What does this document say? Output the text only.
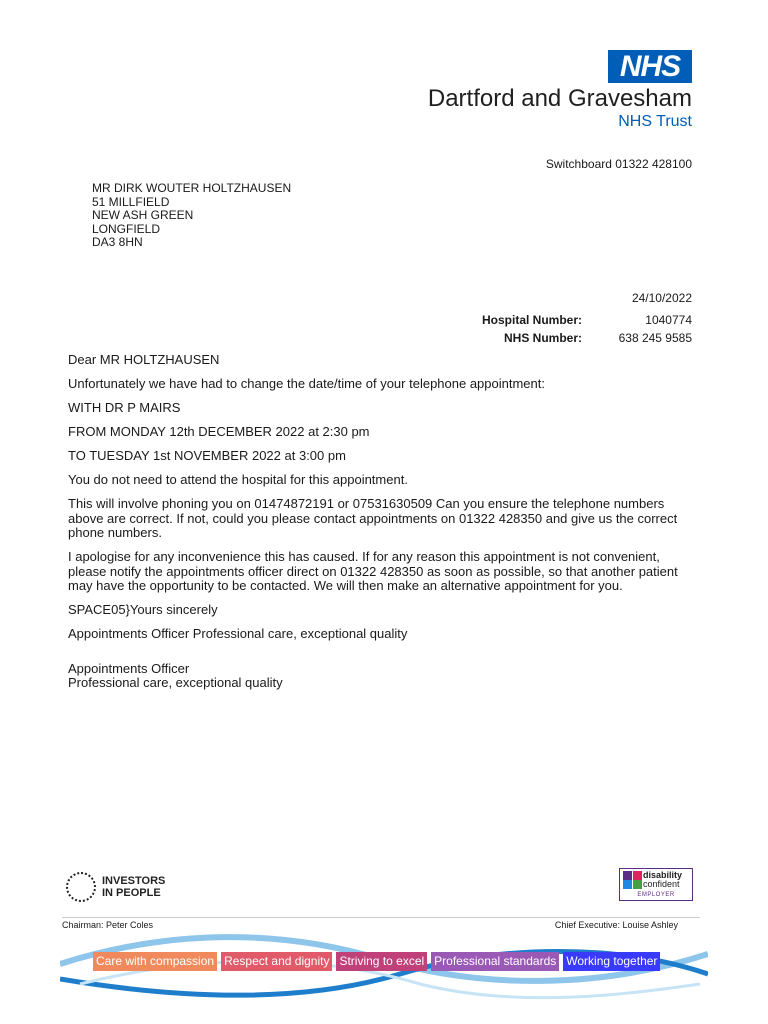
NHS
Dartford and Gravesham
NHS Trust
Switchboard 01322 428100
MR DIRK WOUTER HOLTZHAUSEN
51 MILLFIELD
NEW ASH GREEN
LONGFIELD
DA3 8HN
24/10/2022
Hospital Number:	1040774
NHS Number:	638 245 9585

Dear MR HOLTZHAUSEN

Unfortunately we have had to change the date/time of your telephone appointment:

WITH DR P MAIRS

FROM MONDAY 12th DECEMBER 2022 at 2:30 pm

TO TUESDAY 1st NOVEMBER 2022 at 3:00 pm

You do not need to attend the hospital for this appointment.

This will involve phoning you on 01474872191 or 07531630509 Can you ensure the telephone numbers above are correct. If not, could you please contact appointments on 01322 428350 and give us the correct phone numbers.

I apologise for any inconvenience this has caused. If for any reason this appointment is not convenient, please notify the appointments officer direct on 01322 428350 as soon as possible, so that another patient may have the opportunity to be contacted. We will then make an alternative appointment for you.

SPACE05}Yours sincerely

Appointments Officer Professional care, exceptional quality

Appointments Officer
Professional care, exceptional quality
INVESTORS
IN PEOPLE
disability
confident
EMPLOYER
Chairman: Peter Coles	Chief Executive: Louise Ashley
Care with compassion Respect and dignity Striving to excel Professional standards Working together
